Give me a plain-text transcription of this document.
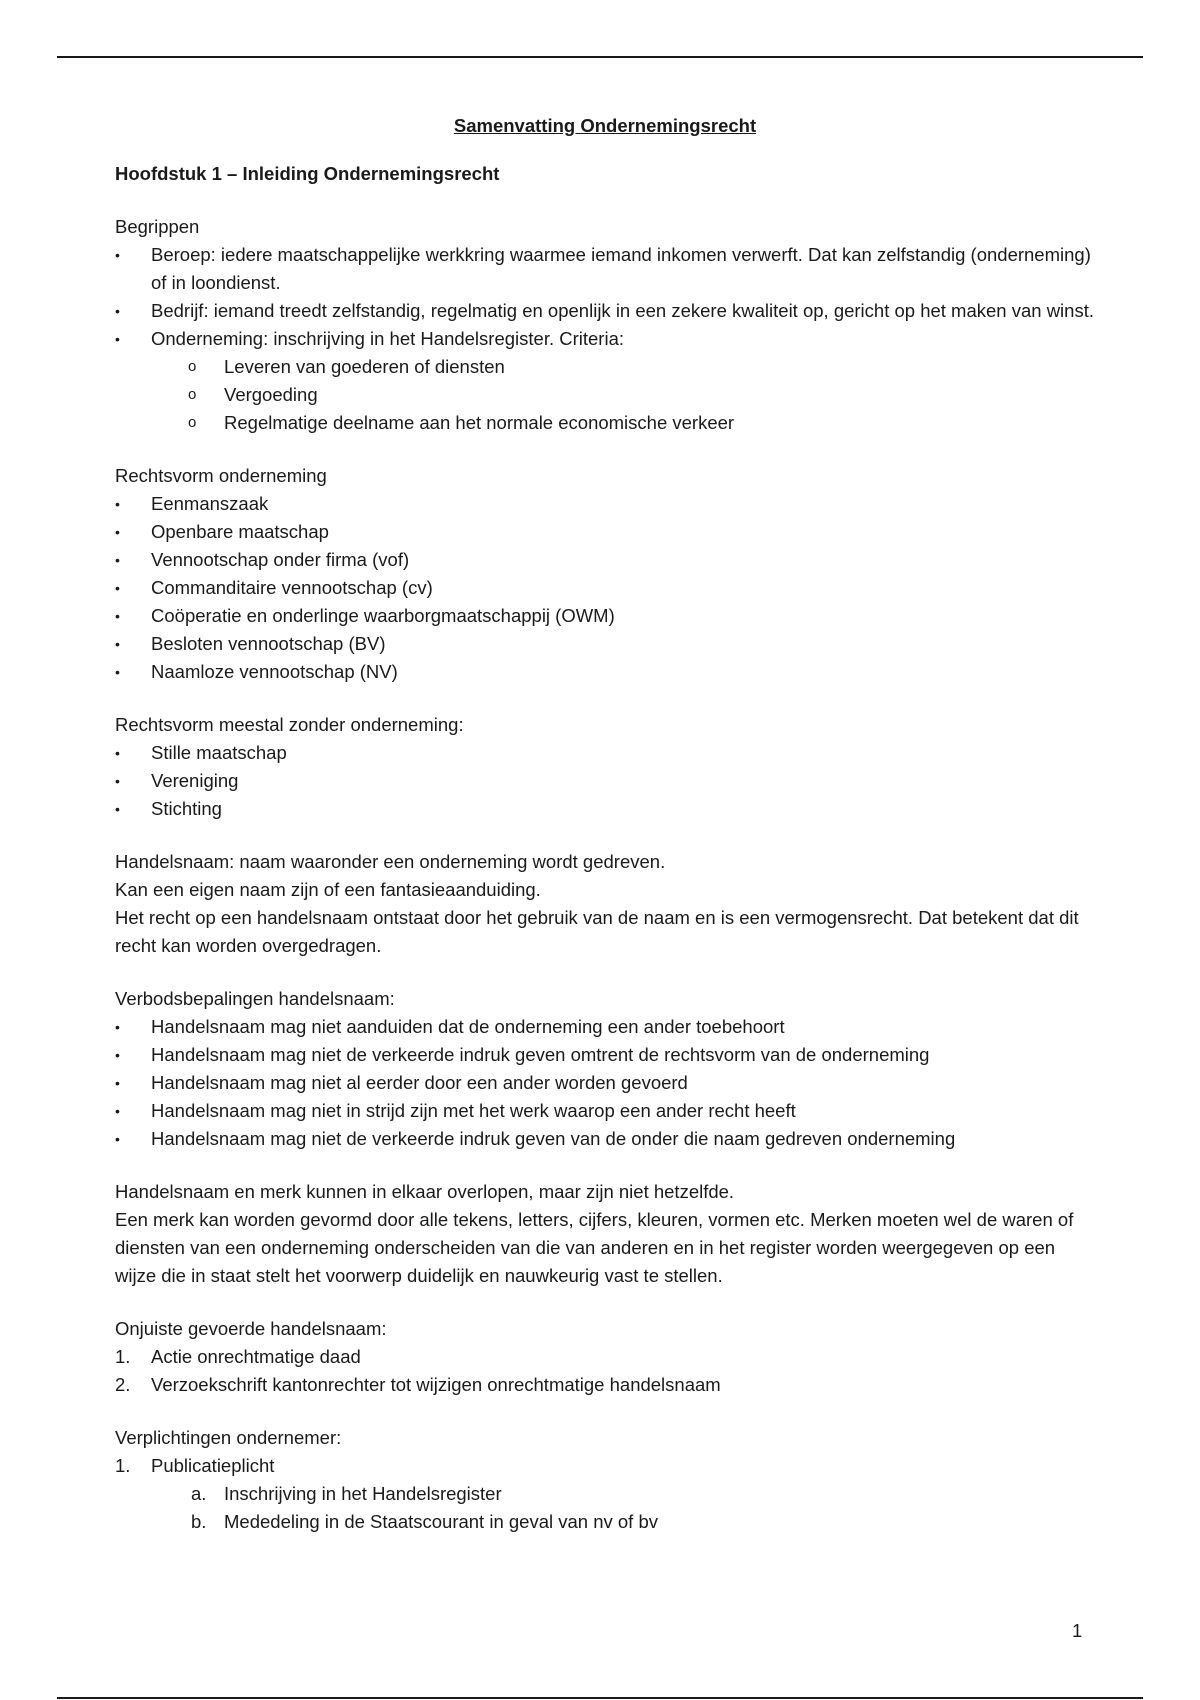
Samenvatting Ondernemingsrecht

Hoofdstuk 1 – Inleiding Ondernemingsrecht

Begrippen

•	Beroep: iedere maatschappelijke werkkring waarmee iemand inkomen verwerft. Dat kan zelfstandig (onderneming) of in loondienst.
•	Bedrijf: iemand treedt zelfstandig, regelmatig en openlijk in een zekere kwaliteit op, gericht op het maken van winst.
•	Onderneming: inschrijving in het Handelsregister. Criteria:
o Leveren van goederen of diensten
o Vergoeding
o Regelmatige deelname aan het normale economische verkeer

Rechtsvorm onderneming

•	Eenmanszaak
•	Openbare maatschap
•	Vennootschap onder firma (vof)
•	Commanditaire vennootschap (cv)
•	Coöperatie en onderlinge waarborgmaatschappij (OWM)
•	Besloten vennootschap (BV)
•	Naamloze vennootschap (NV)

Rechtsvorm meestal zonder onderneming:

•	Stille maatschap
•	Vereniging
•	Stichting

Handelsnaam: naam waaronder een onderneming wordt gedreven.

Kan een eigen naam zijn of een fantasieaanduiding.

Het recht op een handelsnaam ontstaat door het gebruik van de naam en is een vermogensrecht. Dat betekent dat dit recht kan worden overgedragen.

Verbodsbepalingen handelsnaam:

•	Handelsnaam mag niet aanduiden dat de onderneming een ander toebehoort
•	Handelsnaam mag niet de verkeerde indruk geven omtrent de rechtsvorm van de onderneming
•	Handelsnaam mag niet al eerder door een ander worden gevoerd
•	Handelsnaam mag niet in strijd zijn met het werk waarop een ander recht heeft
•	Handelsnaam mag niet de verkeerde indruk geven van de onder die naam gedreven onderneming

Handelsnaam en merk kunnen in elkaar overlopen, maar zijn niet hetzelfde.

Een merk kan worden gevormd door alle tekens, letters, cijfers, kleuren, vormen etc. Merken moeten wel de waren of diensten van een onderneming onderscheiden van die van anderen en in het register worden weergegeven op een wijze die in staat stelt het voorwerp duidelijk en nauwkeurig vast te stellen.

Onjuiste gevoerde handelsnaam:

1. Actie onrechtmatige daad
2. Verzoekschrift kantonrechter tot wijzigen onrechtmatige handelsnaam

Verplichtingen ondernemer:

1. Publicatieplicht
a. Inschrijving in het Handelsregister
b. Mededeling in de Staatscourant in geval van nv of bv
1
